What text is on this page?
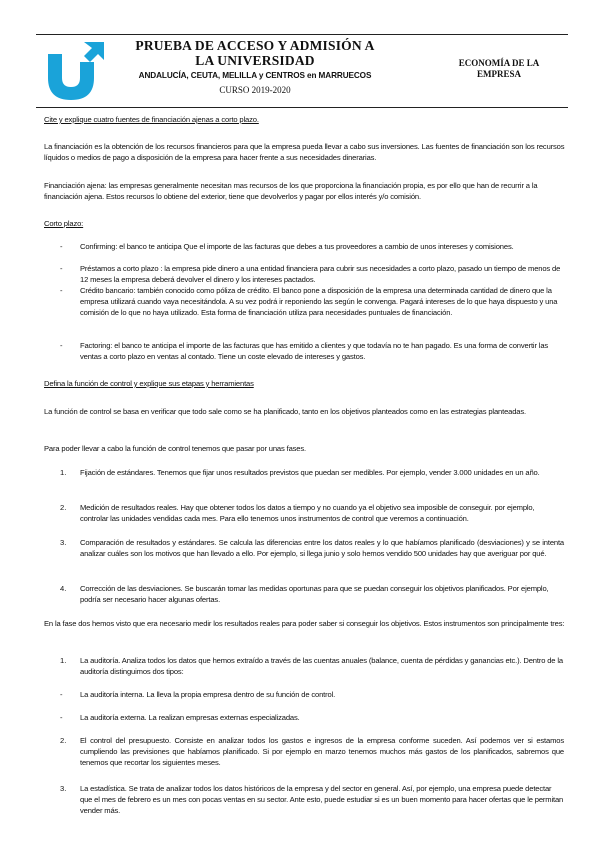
PRUEBA DE ACCESO Y ADMISIÓN A LA UNIVERSIDAD
ANDALUCÍA, CEUTA, MELILLA y CENTROS en MARRUECOS
CURSO 2019-2020
ECONOMÍA DE LA EMPRESA

Cite y explique cuatro fuentes de financiación ajenas a corto plazo.

La financiación es la obtención de los recursos financieros para que la empresa pueda llevar a cabo sus inversiones. Las fuentes de financiación son los recursos líquidos o medios de pago a disposición de la empresa para hacer frente a sus necesidades dinerarias.

Financiación ajena: las empresas generalmente necesitan mas recursos de los que proporciona la financiación propia, es por ello que han de recurrir a la financiación ajena. Estos recursos lo obtiene del exterior, tiene que devolverlos y pagar por ellos interés y/o comisión.

Corto plazo:

- Confirming: el banco te anticipa Que el importe de las facturas que debes a tus proveedores a cambio de unos intereses y comisiones.

- Préstamos a corto plazo : la empresa pide dinero a una entidad financiera para cubrir sus necesidades a corto plazo, pasado un tiempo de menos de 12 meses la empresa deberá devolver el dinero y los intereses pactados.

- Crédito bancario: también conocido como póliza de crédito. El banco pone a disposición de la empresa una determinada cantidad de dinero que la empresa utilizará cuando vaya necesitándola. A su vez podrá ir reponiendo las según le convenga. Pagará intereses de lo que haya dispuesto y una comisión de lo que no haya utilizado. Esta forma de financiación utiliza para necesidades puntuales de financiación.

- Factoring: el banco te anticipa el importe de las facturas que has emitido a clientes y que todavía no te han pagado. Es una forma de convertir las ventas a corto plazo en ventas al contado. Tiene un coste elevado de intereses y gastos.

Defina la función de control y explique sus etapas y herramientas

La función de control se basa en verificar que todo sale como se ha planificado, tanto en los objetivos planteados como en las estrategias planteadas.

Para poder llevar a cabo la función de control tenemos que pasar por unas fases.

1. Fijación de estándares. Tenemos que fijar unos resultados previstos que puedan ser medibles. Por ejemplo, vender 3.000 unidades en un año.

2. Medición de resultados reales. Hay que obtener todos los datos a tiempo y no cuando ya el objetivo sea imposible de conseguir. por ejemplo, controlar las unidades vendidas cada mes. Para ello tenemos unos instrumentos de control que veremos a continuación.

3. Comparación de resultados y estándares. Se calcula las diferencias entre los datos reales y lo que habíamos planificado (desviaciones) y se intenta analizar cuáles son los motivos que han llevado a ello. Por ejemplo, si llega junio y solo hemos vendido 500 unidades hay que averiguar por qué.

4. Corrección de las desviaciones. Se buscarán tomar las medidas oportunas para que se puedan conseguir los objetivos planificados. Por ejemplo, podría ser necesario hacer algunas ofertas.

En la fase dos hemos visto que era necesario medir los resultados reales para poder saber si conseguir los objetivos. Estos instrumentos son principalmente tres:

1. La auditoría. Analiza todos los datos que hemos extraído a través de las cuentas anuales (balance, cuenta de pérdidas y ganancias etc.). Dentro de la auditoría distinguimos dos tipos:

- La auditoría interna. La lleva la propia empresa dentro de su función de control.

- La auditoría externa. La realizan empresas externas especializadas.

2. El control del presupuesto. Consiste en analizar todos los gastos e ingresos de la empresa conforme suceden. Así podemos ver si estamos cumpliendo las previsiones que habíamos planificado. Si por ejemplo en marzo tenemos muchos más gastos de los planificados, sabremos que tenemos que recortar los siguientes meses.

3. La estadística. Se trata de analizar todos los datos históricos de la empresa y del sector en general. Así, por ejemplo, una empresa puede detectar que el mes de febrero es un mes con pocas ventas en su sector. Ante esto, puede estudiar si es un buen momento para hacer ofertas que le permitan vender más.
